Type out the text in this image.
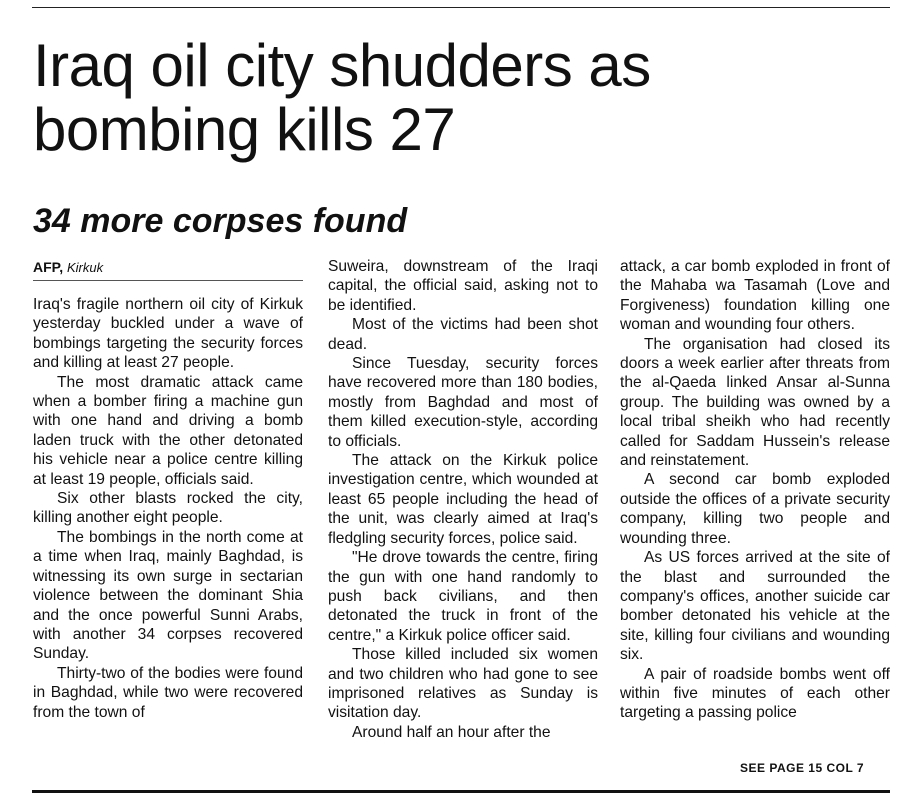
Iraq oil city shudders as bombing kills 27
34 more corpses found
AFP, Kirkuk

Iraq's fragile northern oil city of Kirkuk yesterday buckled under a wave of bombings targeting the security forces and killing at least 27 people.

The most dramatic attack came when a bomber firing a machine gun with one hand and driving a bomb laden truck with the other detonated his vehicle near a police centre killing at least 19 people, officials said.

Six other blasts rocked the city, killing another eight people.

The bombings in the north come at a time when Iraq, mainly Baghdad, is witnessing its own surge in sectarian violence between the dominant Shia and the once powerful Sunni Arabs, with another 34 corpses recovered Sunday.

Thirty-two of the bodies were found in Baghdad, while two were recovered from the town of

Suweira, downstream of the Iraqi capital, the official said, asking not to be identified.

Most of the victims had been shot dead.

Since Tuesday, security forces have recovered more than 180 bodies, mostly from Baghdad and most of them killed execution-style, according to officials.

The attack on the Kirkuk police investigation centre, which wounded at least 65 people including the head of the unit, was clearly aimed at Iraq's fledgling security forces, police said.

"He drove towards the centre, firing the gun with one hand randomly to push back civilians, and then detonated the truck in front of the centre," a Kirkuk police officer said.

Those killed included six women and two children who had gone to see imprisoned relatives as Sunday is visitation day.

Around half an hour after the

attack, a car bomb exploded in front of the Mahaba wa Tasamah (Love and Forgiveness) foundation killing one woman and wounding four others.

The organisation had closed its doors a week earlier after threats from the al-Qaeda linked Ansar al-Sunna group. The building was owned by a local tribal sheikh who had recently called for Saddam Hussein's release and reinstatement.

A second car bomb exploded outside the offices of a private security company, killing two people and wounding three.

As US forces arrived at the site of the blast and surrounded the company's offices, another suicide car bomber detonated his vehicle at the site, killing four civilians and wounding six.

A pair of roadside bombs went off within five minutes of each other targeting a passing police

SEE PAGE 15 COL 7
